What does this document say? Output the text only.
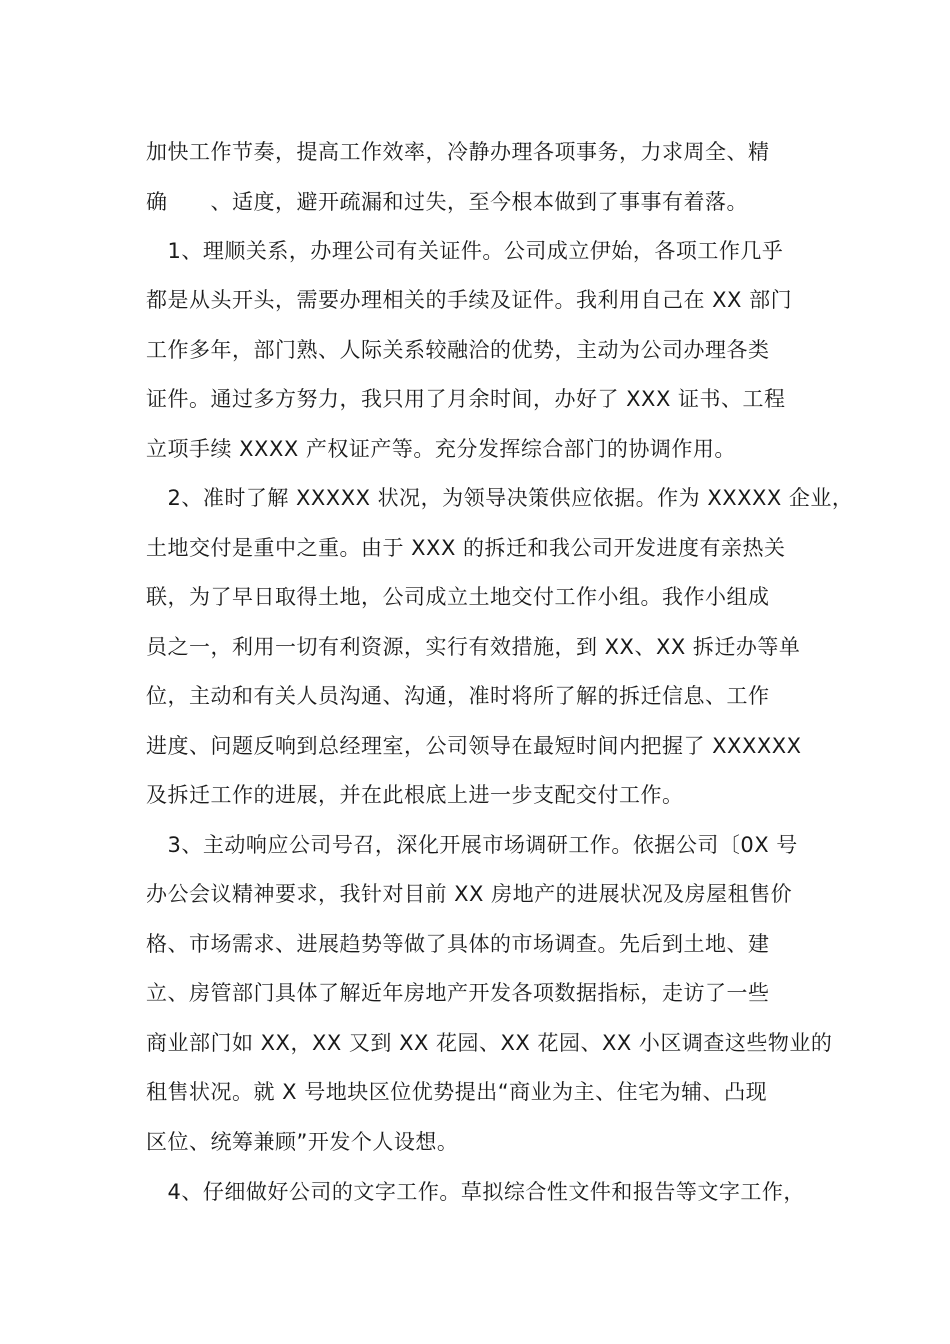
加快工作节奏，提高工作效率，冷静办理各项事务，力求周全、精
确　　、适度，避开疏漏和过失，至今根本做到了事事有着落。
　1、理顺关系，办理公司有关证件。公司成立伊始，各项工作几乎
都是从头开头，需要办理相关的手续及证件。我利用自己在 XX 部门
工作多年，部门熟、人际关系较融洽的优势，主动为公司办理各类
证件。通过多方努力，我只用了月余时间，办好了 XXX 证书、工程
立项手续 XXXX 产权证产等。充分发挥综合部门的协调作用。
　2、准时了解 XXXXX 状况，为领导决策供应依据。作为 XXXXX 企业，
土地交付是重中之重。由于 XXX 的拆迁和我公司开发进度有亲热关
联，为了早日取得土地，公司成立土地交付工作小组。我作小组成
员之一，利用一切有利资源，实行有效措施，到 XX、XX 拆迁办等单
位，主动和有关人员沟通、沟通，准时将所了解的拆迁信息、工作
进度、问题反响到总经理室，公司领导在最短时间内把握了 XXXXXX
及拆迁工作的进展，并在此根底上进一步支配交付工作。
　3、主动响应公司号召，深化开展市场调研工作。依据公司〔0X 号
办公会议精神要求，我针对目前 XX 房地产的进展状况及房屋租售价
格、市场需求、进展趋势等做了具体的市场调查。先后到土地、建
立、房管部门具体了解近年房地产开发各项数据指标，走访了一些
商业部门如 XX，XX 又到 XX 花园、XX 花园、XX 小区调查这些物业的
租售状况。就 X 号地块区位优势提出“商业为主、住宅为辅、凸现
区位、统筹兼顾”开发个人设想。
　4、仔细做好公司的文字工作。草拟综合性文件和报告等文字工作，
